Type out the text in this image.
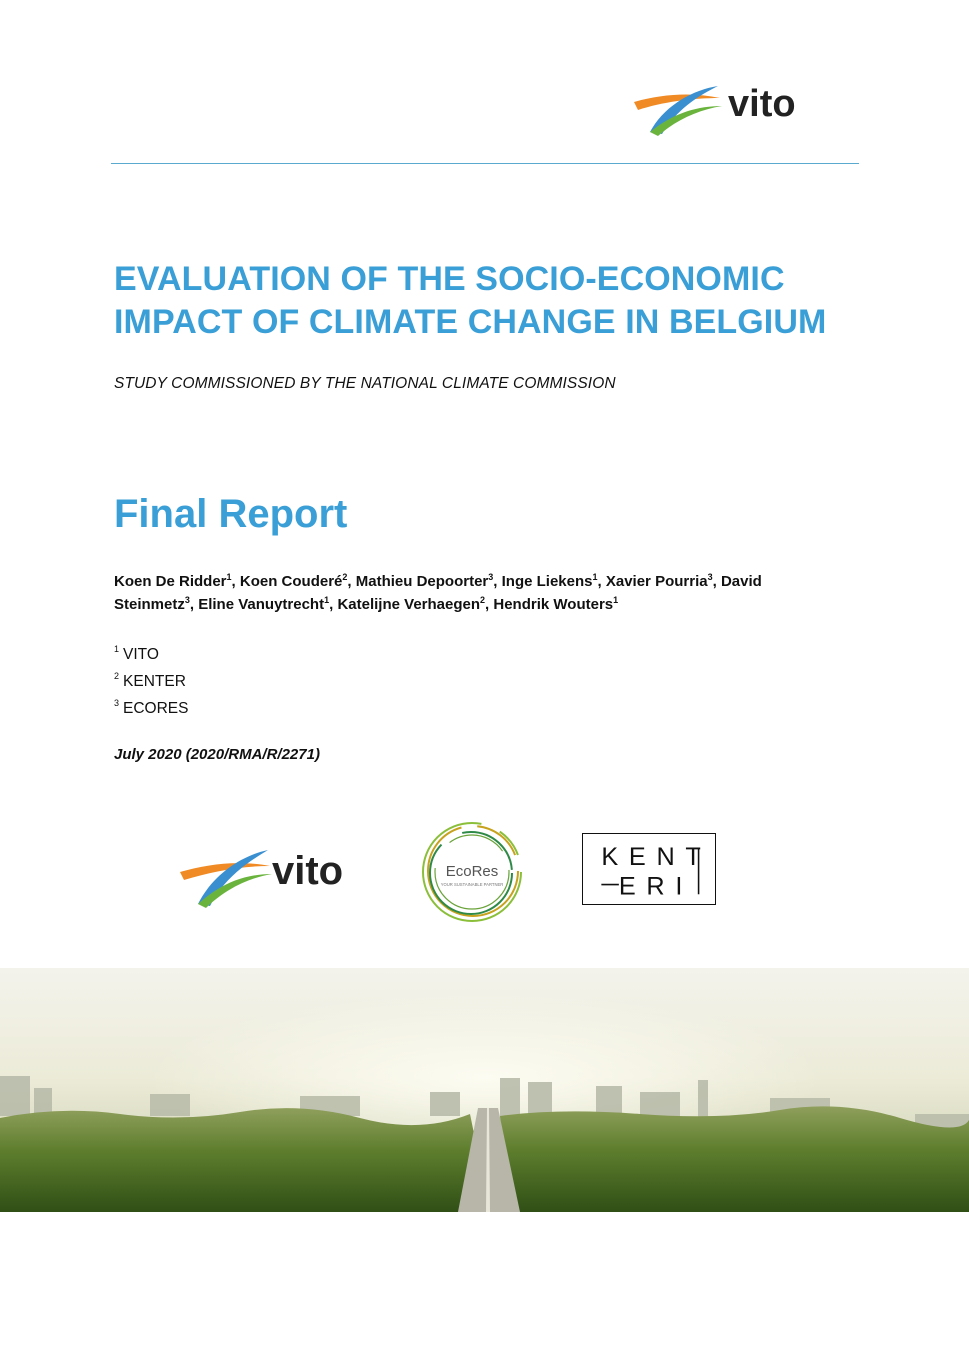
vito
EVALUATION OF THE SOCIO-ECONOMIC
IMPACT OF CLIMATE CHANGE IN BELGIUM
STUDY COMMISSIONED BY THE NATIONAL CLIMATE COMMISSION
Final Report
Koen De Ridder$^1$, Koen Couderé$^2$, Mathieu Depoorter$^3$, Inge Liekens$^1$, Xavier Pourria$^3$, David Steinmetz$^3$, Eline Vanuytrecht$^1$, Katelijne Verhaegen$^2$, Hendrik Wouters$^1$
$^1$ VITO
$^2$ KENTER
$^3$ ECORES
July 2020 (2020/RMA/R/2271)
vito	EcoRes
YOUR SUSTAINABLE PARTNER
KENT
ERI
